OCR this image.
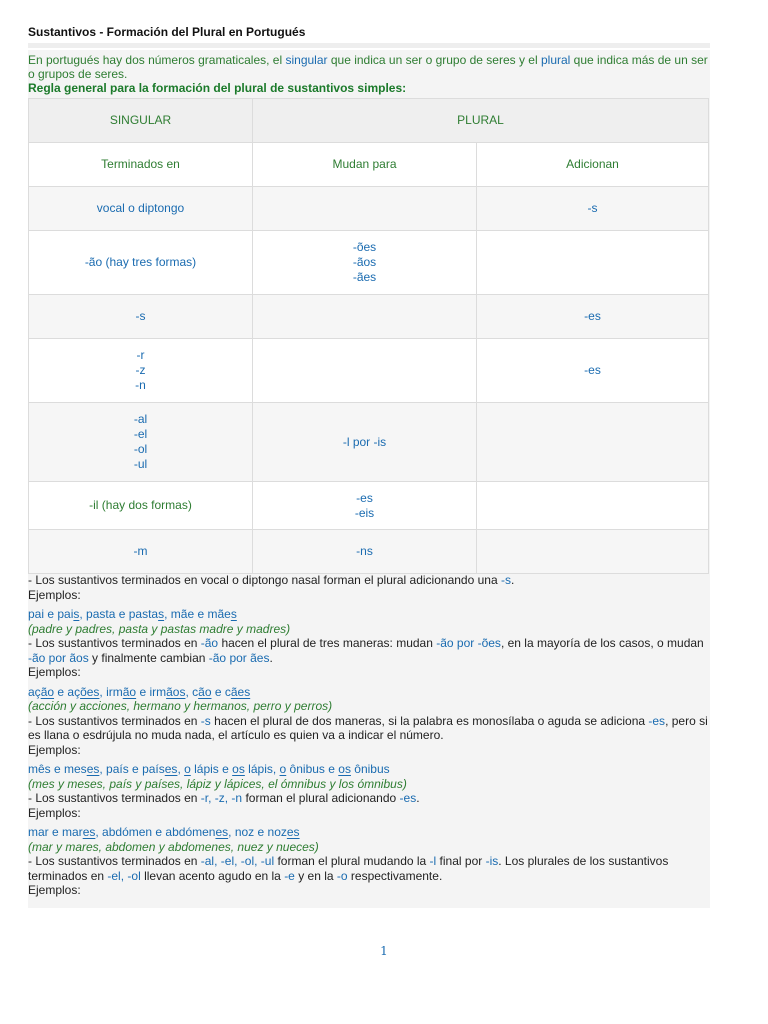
Sustantivos - Formación del Plural en Portugués
En portugués hay dos números gramaticales, el singular que indica un ser o grupo de seres y el plural que indica más de un ser o grupos de seres.
Regla general para la formación del plural de sustantivos simples:
SINGULAR	PLURAL	
Terminados en	Mudan para	Adicionan
vocal o diptongo		-s
-ão (hay tres formas)	-ões
-ãos
-ães	

-s		-es

-r
-z
-n		-es

-al
-el
-ol
-ul	-l por -is	
-il (hay dos formas)	-es
-eis	

-m	-ns	

- Los sustantivos terminados en vocal o diptongo nasal forman el plural adicionando una -s.

Ejemplos:

pai e pais, pasta e pastas, mãe e mães

(padre y padres, pasta y pastas madre y madres)

- Los sustantivos terminados en -ão hacen el plural de tres maneras: mudan -ão por -ões, en la mayoría de los casos, o mudan -ão por ãos y finalmente cambian -ão por ães.

Ejemplos:

ação e ações, irmão e irmãos, cão e cães

(acción y acciones, hermano y hermanos, perro y perros)

- Los sustantivos terminados en -s hacen el plural de dos maneras, si la palabra es monosílaba o aguda se adiciona -es, pero si es llana o esdrújula no muda nada, el artículo es quien va a indicar el número.

Ejemplos:

mês e meses, país e países, o lápis e os lápis, o ônibus e os ônibus

(mes y meses, país y países, lápiz y lápices, el ómnibus y los ómnibus)

- Los sustantivos terminados en -r, -z, -n forman el plural adicionando -es.

Ejemplos:

mar e mares, abdómen e abdómenes, noz e nozes

(mar y mares, abdomen y abdomenes, nuez y nueces)

- Los sustantivos terminados en -al, -el, -ol, -ul forman el plural mudando la -l final por -is. Los plurales de los sustantivos terminados en -el, -ol llevan acento agudo en la -e y en la -o respectivamente.

Ejemplos:

1
